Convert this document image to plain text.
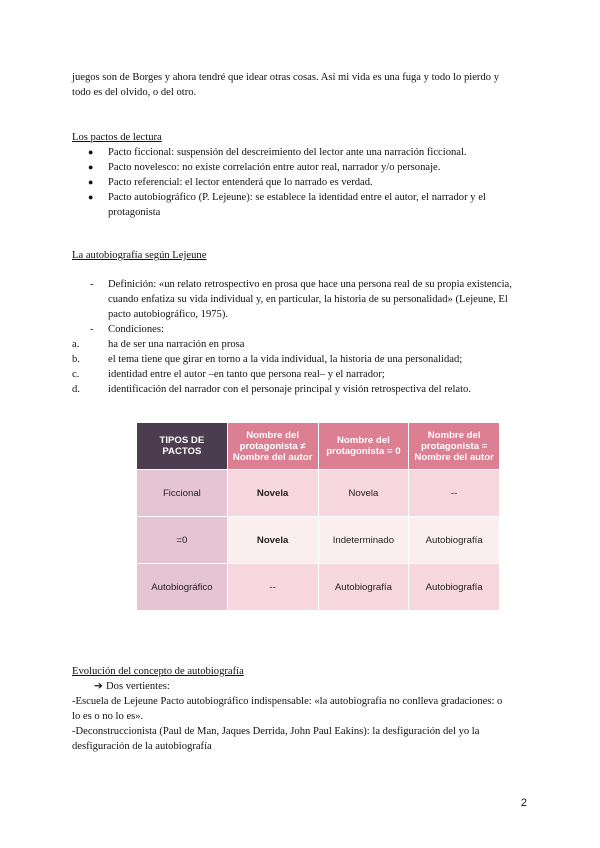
juegos son de Borges y ahora tendré que idear otras cosas. Así mi vida es una fuga y todo lo pierdo y
todo es del olvido, o del otro.

Los pactos de lectura

● Pacto ficcional: suspensión del descreimiento del lector ante una narración ficcional.
● Pacto novelesco: no existe correlación entre autor real, narrador y/o personaje.
● Pacto referencial: el lector entenderá que lo narrado es verdad.
● Pacto autobiográfico (P. Lejeune): se establece la identidad entre el autor, el narrador y el protagonista

La autobiografía según Lejeune

- Definición: «un relato retrospectivo en prosa que hace una persona real de su propia existencia, cuando enfatiza su vida individual y, en particular, la historia de su personalidad» (Lejeune, El pacto autobiográfico, 1975).
- Condiciones:
a.	ha de ser una narración en prosa
b.	el tema tiene que girar en torno a la vida individual, la historia de una personalidad;
c.	identidad entre el autor –en tanto que persona real– y el narrador;
d.	identificación del narrador con el personaje principal y visión retrospectiva del relato.
TIPOS DE PACTOS	Nombre del protagonista ≠ Nombre del autor	Nombre del protagonista = 0	Nombre del protagonista = Nombre del autor
Ficcional	Novela	Novela	--
=0	Novela	Indeterminado	Autobiografía
Autobiográfico	--	Autobiografía	Autobiografía

Evolución del concepto de autobiografía

➔ Dos vertientes:

-Escuela de Lejeune Pacto autobiográfico indispensable: «la autobiografía no conlleva gradaciones: o
lo es o no lo es».

-Deconstruccionista (Paul de Man, Jaques Derrida, John Paul Eakins): la desfiguración del yo la
desfiguración de la autobiografía

2
